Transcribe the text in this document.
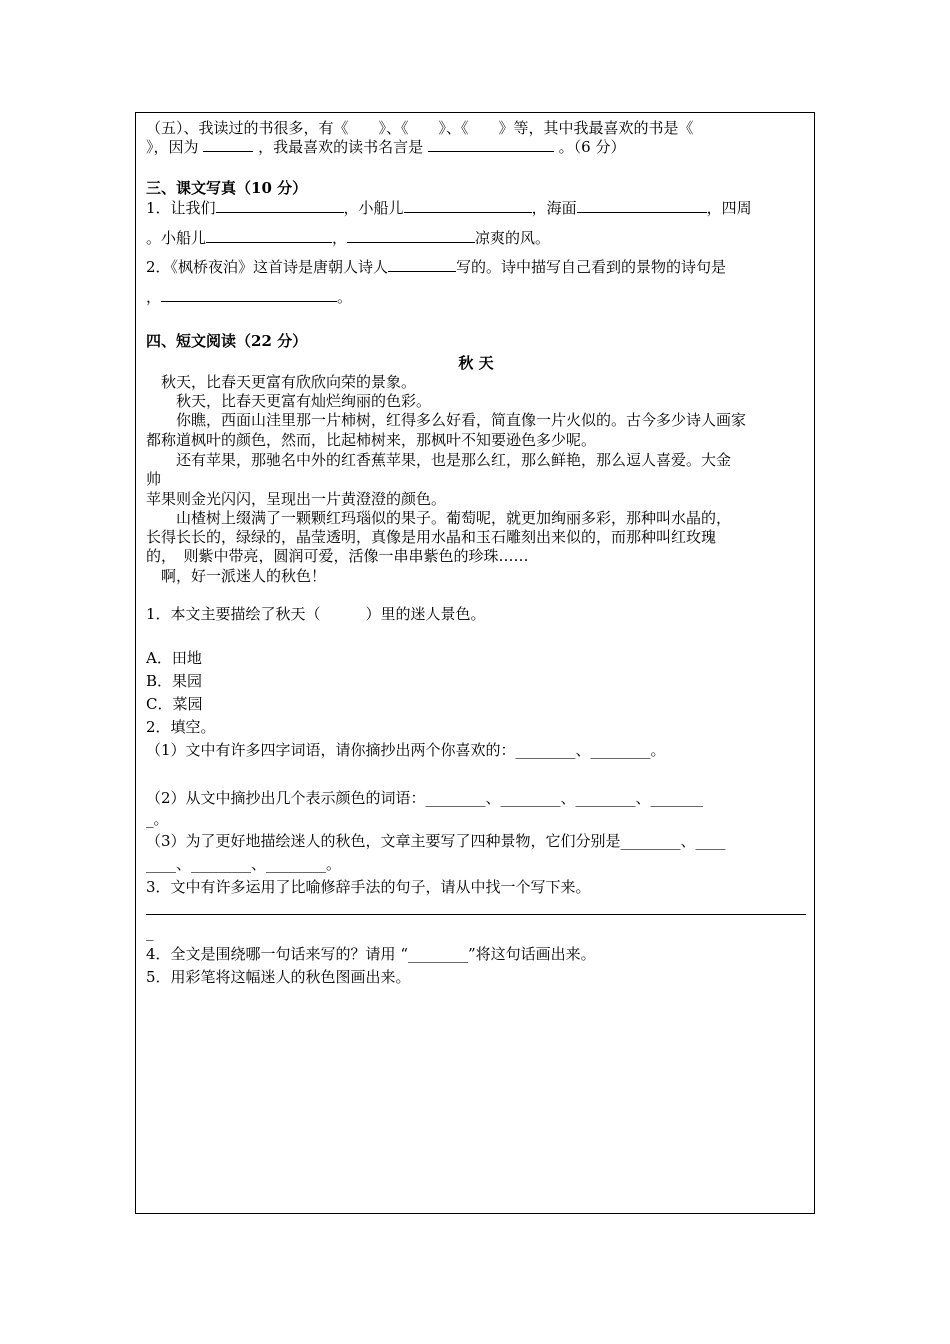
（五）、我读过的书很多，有《　　》、《　　》、《　　》等，其中我最喜欢的书是《
》，因为	，我最喜欢的读书名言是	。（6 分）
三、课文写真（10 分）
1．让我们	，小船儿	，海面	，四周
。小船儿	，	凉爽的风。
2．《枫桥夜泊》这首诗是唐朝人诗人	写的。诗中描写自己看到的景物的诗句是
，	。
四、短文阅读（22 分）
秋 天
　秋天，比春天更富有欣欣向荣的景象。
　　秋天，比春天更富有灿烂绚丽的色彩。
　　你瞧，西面山洼里那一片柿树，红得多么好看，简直像一片火似的。古今多少诗人画家
都称道枫叶的颜色，然而，比起柿树来，那枫叶不知要逊色多少呢。
　　还有苹果，那驰名中外的红香蕉苹果，也是那么红，那么鲜艳，那么逗人喜爱。大金
帅
苹果则金光闪闪，呈现出一片黄澄澄的颜色。
　　山楂树上缀满了一颗颗红玛瑙似的果子。葡萄呢，就更加绚丽多彩，那种叫水晶的，
长得长长的，绿绿的，晶莹透明，真像是用水晶和玉石雕刻出来似的，而那种叫红玫瑰
的，　则紫中带亮，圆润可爱，活像一串串紫色的珍珠……
　啊，好一派迷人的秋色！
1．本文主要描绘了秋天（　　　）里的迷人景色。
A．田地
B．果园
C．菜园
2．填空。
（1）文中有许多四字词语，请你摘抄出两个你喜欢的：________、________。
（2）从文中摘抄出几个表示颜色的词语：________、________、________、_______
_。
（3）为了更好地描绘迷人的秋色，文章主要写了四种景物，它们分别是________、____
____、________、________。
3．文中有许多运用了比喻修辞手法的句子，请从中找一个写下来。
_
4．全文是围绕哪一句话来写的？请用 “________”将这句话画出来。
5．用彩笔将这幅迷人的秋色图画出来。
